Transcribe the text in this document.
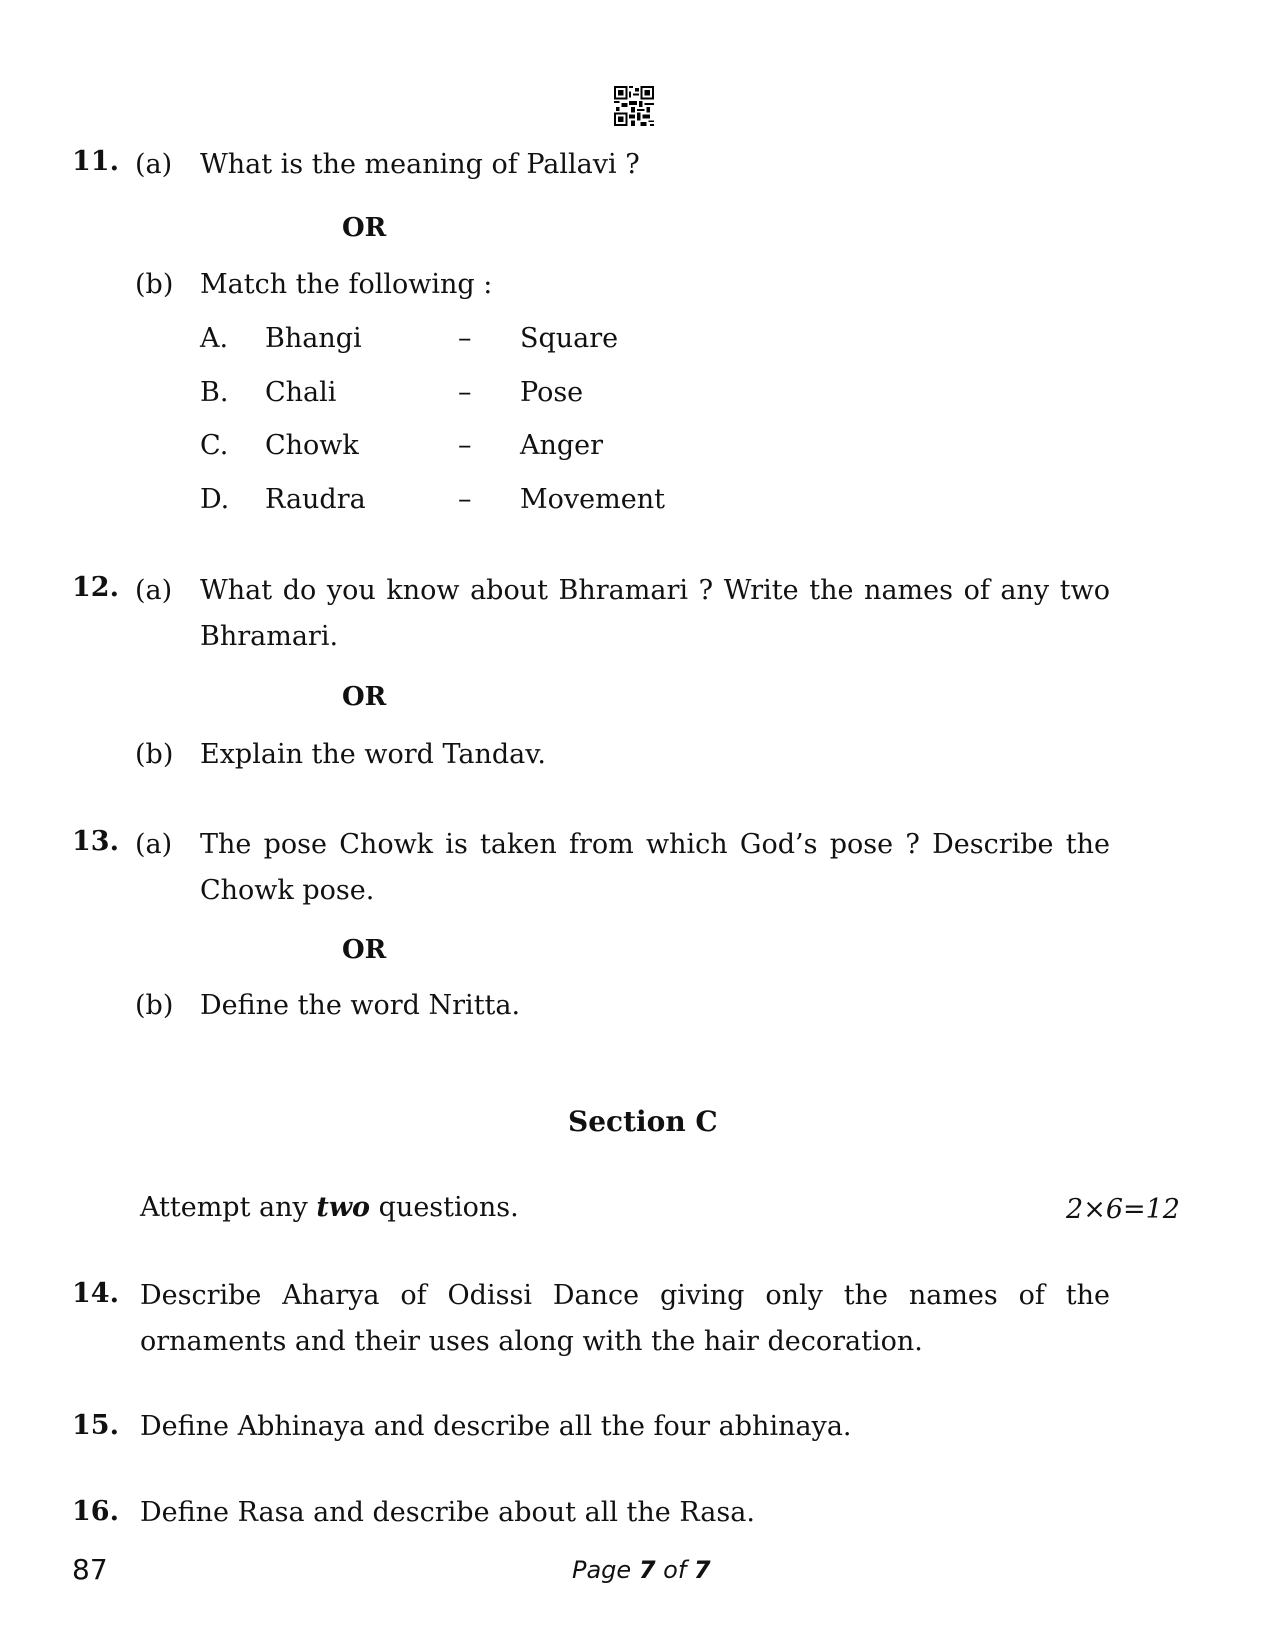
11. (a) What is the meaning of Pallavi ?
OR
(b) Match the following :
A. Bhangi	– Square
B. Chali	– Pose
C. Chowk	– Anger
D. Raudra	– Movement
12. (a) What do you know about Bhramari ? Write the names of any two Bhramari.
OR
(b) Explain the word Tandav.
13. (a) The pose Chowk is taken from which God’s pose ? Describe the Chowk pose.
OR
(b) Define the word Nritta.
Section C
Attempt any two questions.	2×6=12
14. Describe Aharya of Odissi Dance giving only the names of the ornaments and their uses along with the hair decoration.
15. Define Abhinaya and describe all the four abhinaya.
16. Define Rasa and describe about all the Rasa.
87	Page 7 of 7
